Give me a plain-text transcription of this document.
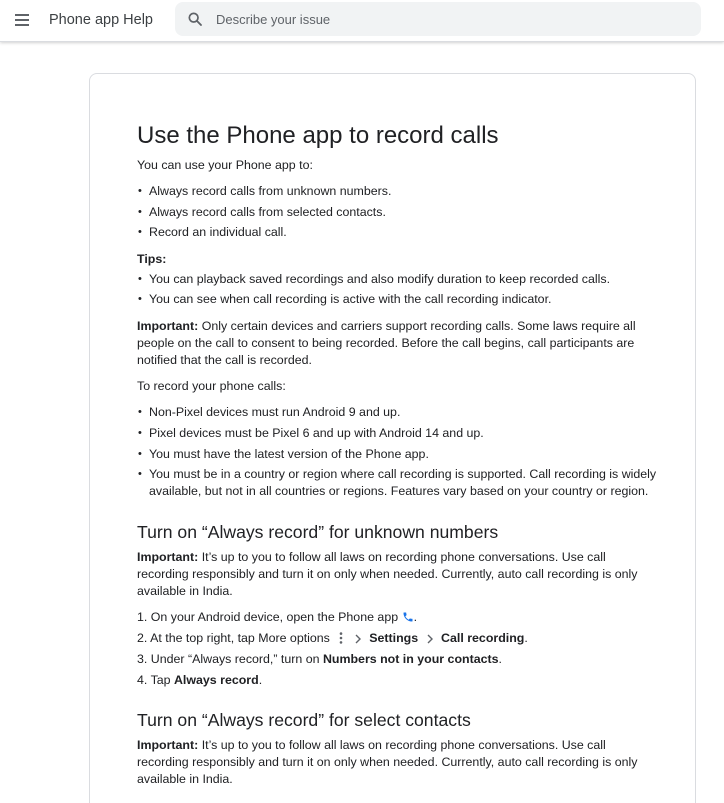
Phone app Help
Describe your issue
Use the Phone app to record calls

You can use your Phone app to:

• Always record calls from unknown numbers.
• Always record calls from selected contacts.
• Record an individual call.
Tips:
• You can playback saved recordings and also modify duration to keep recorded calls.
• You can see when call recording is active with the call recording indicator.

Important: Only certain devices and carriers support recording calls. Some laws require all people on the call to consent to being recorded. Before the call begins, call participants are notified that the call is recorded.

To record your phone calls:

• Non-Pixel devices must run Android 9 and up.
• Pixel devices must be Pixel 6 and up with Android 14 and up.
• You must have the latest version of the Phone app.
• You must be in a country or region where call recording is supported. Call recording is widely available, but not in all countries or regions. Features vary based on your country or region.
Turn on “Always record” for unknown numbers

Important: It’s up to you to follow all laws on recording phone conversations. Use call recording responsibly and turn it on only when needed. Currently, auto call recording is only available in India.

1. On your Android device, open the Phone app .
2. At the top right, tap More options	Settings Call recording.
3. Under “Always record,” turn on Numbers not in your contacts.
4. Tap Always record.
Turn on “Always record” for select contacts

Important: It’s up to you to follow all laws on recording phone conversations. Use call recording responsibly and turn it on only when needed. Currently, auto call recording is only available in India.
